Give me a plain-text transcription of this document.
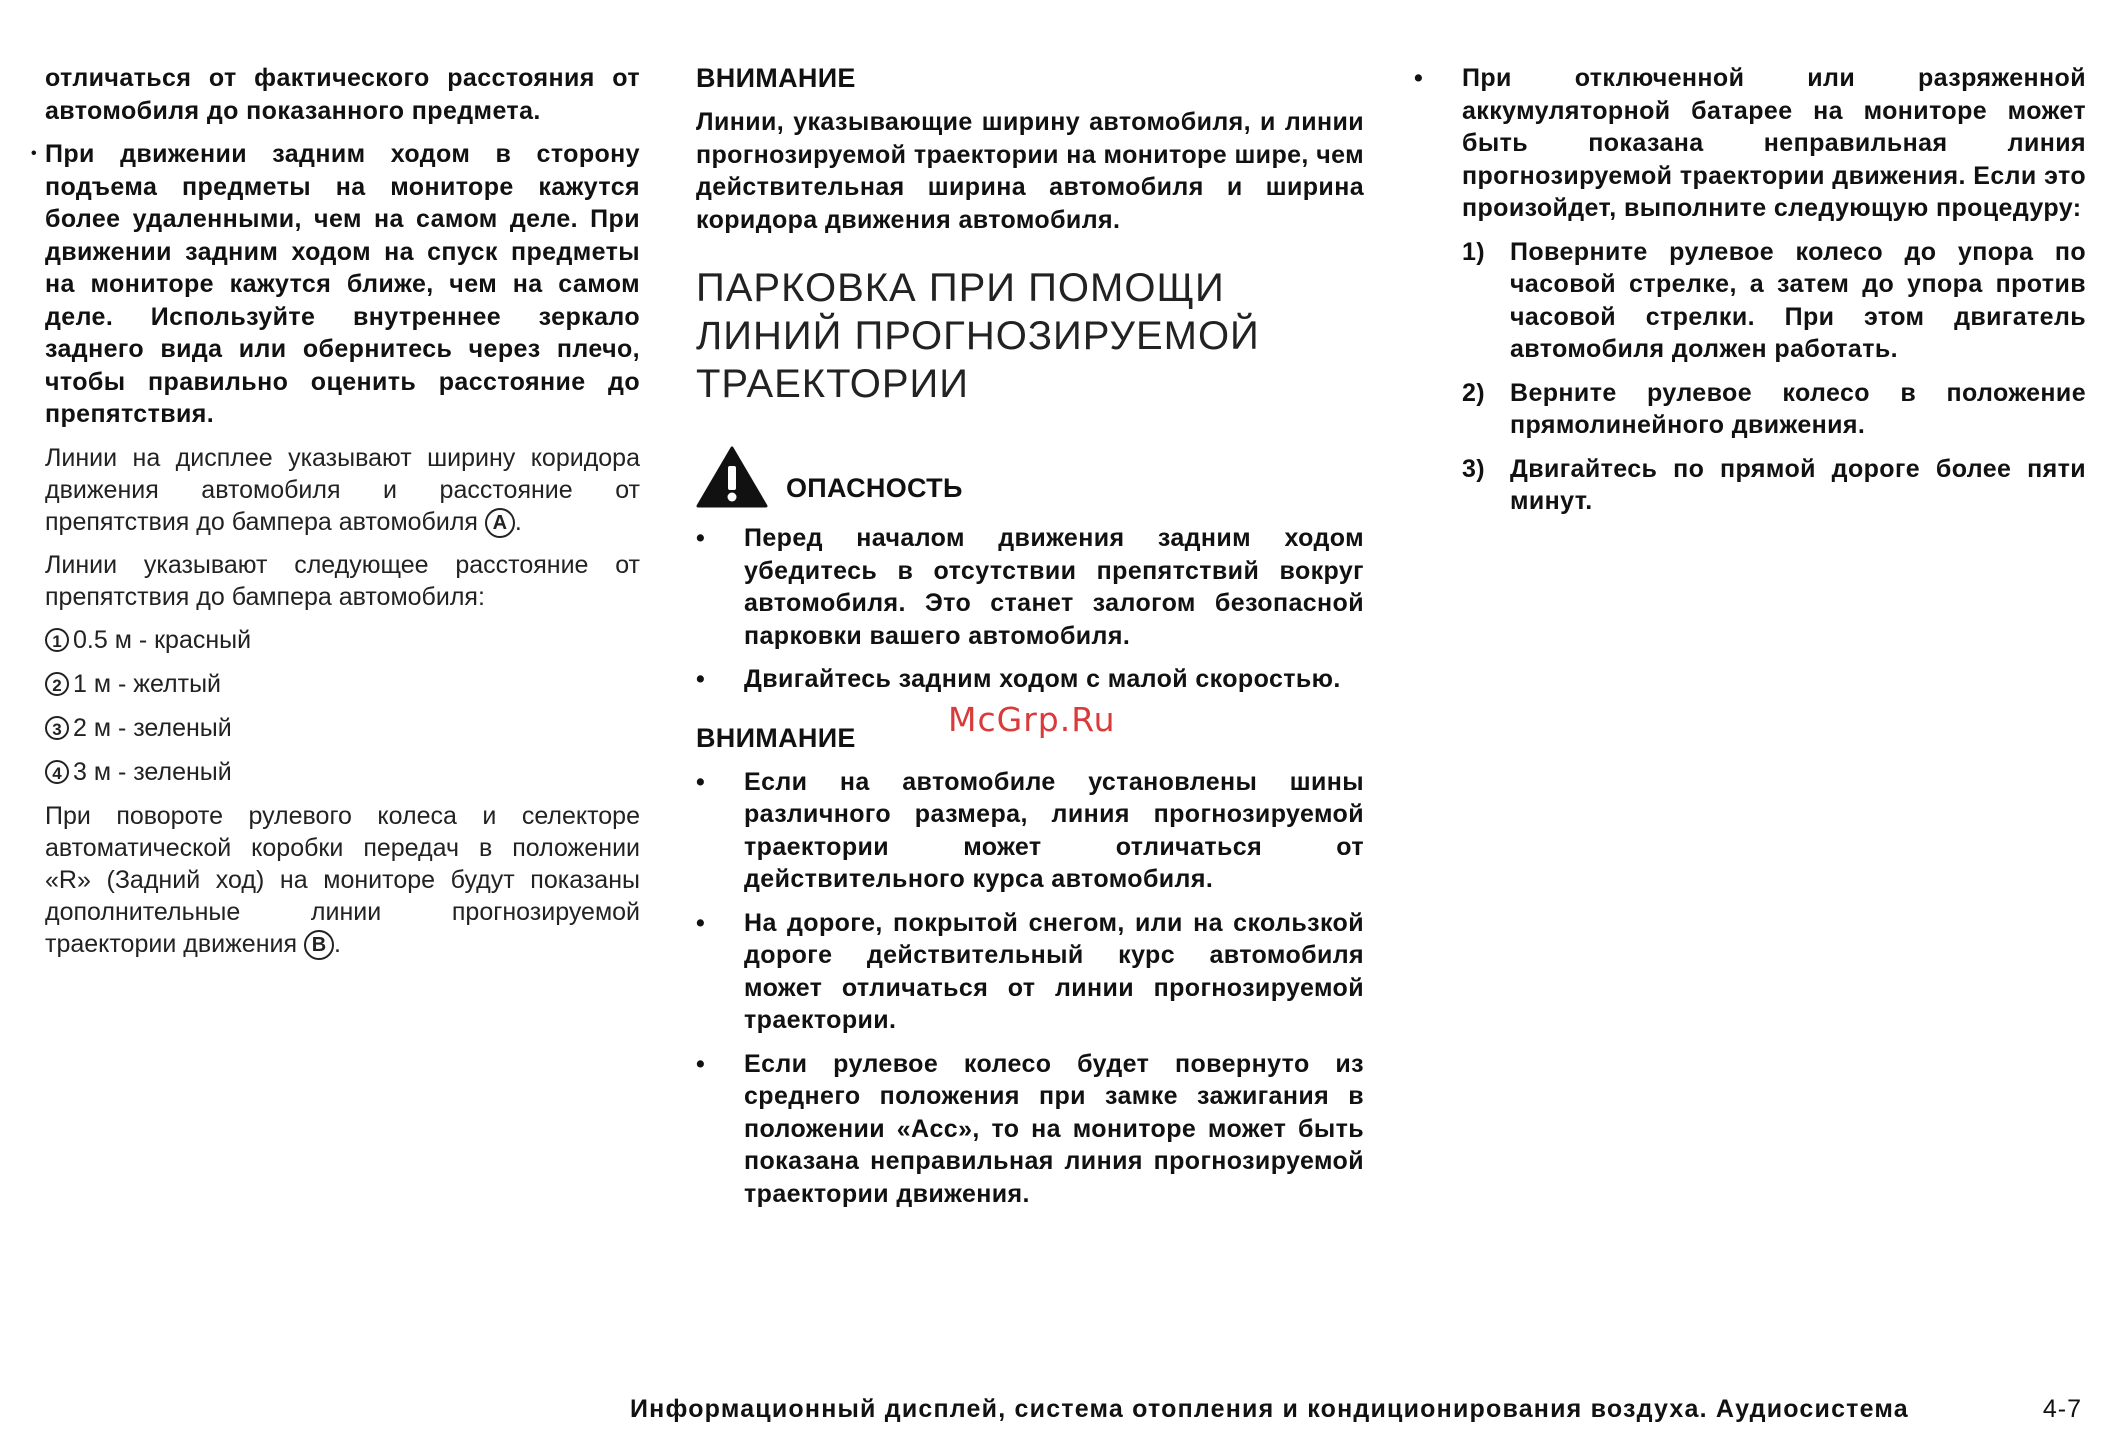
отличаться от фактического расстояния от автомобиля до показанного предмета.

• При движении задним ходом в сторону подъема предметы на мониторе кажутся более удаленными, чем на самом деле. При движении задним ходом на спуск предметы на мониторе кажутся ближе, чем на самом деле. Используйте внутреннее зеркало заднего вида или обернитесь через плечо, чтобы правильно оценить расстояние до препятствия.

Линии на дисплее указывают ширину коридора движения автомобиля и расстояние от препятствия до бампера автомобиля A .

Линии указывают следующее расстояние от препятствия до бампера автомобиля:

1 0.5 м - красный
2 1 м - желтый
3 2 м - зеленый
4 3 м - зеленый

При повороте рулевого колеса и селекторе автоматической коробки передач в положении «R» (Задний ход) на мониторе будут показаны дополнительные линии прогнозируемой траектории движения B .

ВНИМАНИЕ

Линии, указывающие ширину автомобиля, и линии прогнозируемой траектории на мониторе шире, чем действительная ширина автомобиля и ширина коридора движения автомобиля.

ПАРКОВКА ПРИ ПОМОЩИ ЛИНИЙ ПРОГНОЗИРУЕМОЙ ТРАЕКТОРИИ
ОПАСНОСТЬ
• Перед началом движения задним ходом убедитесь в отсутствии препятствий вокруг автомобиля. Это станет залогом безопасной парковки вашего автомобиля.
• Двигайтесь задним ходом с малой скоростью.
ВНИМАНИЕ
• Если на автомобиле установлены шины различного размера, линия прогнозируемой траектории может отличаться от действительного курса автомобиля.
• На дороге, покрытой снегом, или на скользкой дороге действительный курс автомобиля может отличаться от линии прогнозируемой траектории.
• Если рулевое колесо будет повернуто из среднего положения при замке зажигания в положении «Acc», то на мониторе может быть показана неправильная линия прогнозируемой траектории движения.
• При отключенной или разряженной аккумуляторной батарее на мониторе может быть показана неправильная линия прогнозируемой траектории движения. Если это произойдет, выполните следующую процедуру:
1) Поверните рулевое колесо до упора по часовой стрелке, а затем до упора против часовой стрелки. При этом двигатель автомобиля должен работать.
2) Верните рулевое колесо в положение прямолинейного движения.
3) Двигайтесь по прямой дороге более пяти минут.
McGrp.Ru
Информационный дисплей, система отопления и кондиционирования воздуха. Аудиосистема	4-7
